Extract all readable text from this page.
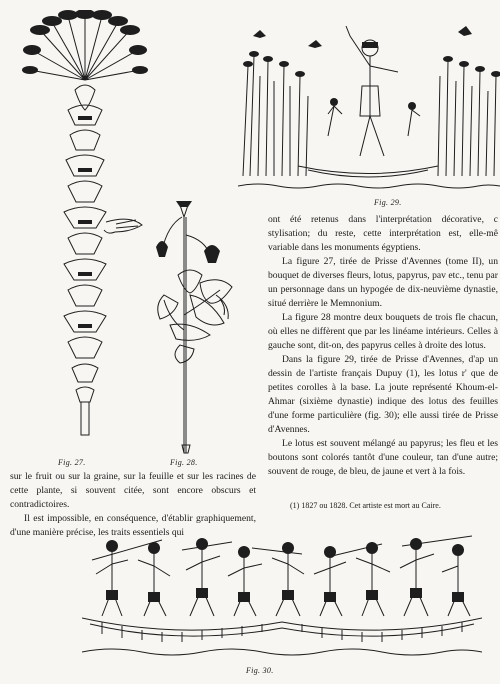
Fig. 27.	Fig. 28.
Fig. 29.

ont été retenus dans l'interprétation décorative, c stylisation; du reste, cette interprétation est, elle-mê variable dans les monuments égyptiens.

La figure 27, tirée de Prisse d'Avennes (tome II), un bouquet de diverses fleurs, lotus, papyrus, pav etc., tenu par un personnage dans un hypogée de dix-neuvième dynastie, situé derrière le Memnonium.

La figure 28 montre deux bouquets de trois fle chacun, où elles ne diffèrent que par les linéame intérieurs. Celles à gauche sont, dit-on, des papyrus celles à droite des lotus.

Dans la figure 29, tirée de Prisse d'Avennes, d'ap un dessin de l'artiste français Dupuy (1), les lotus r' que de petites corolles à la base. La joute représenté Khoum-el-Ahmar (sixième dynastie) indique des lotus des feuilles d'une forme particulière (fig. 30); elle aussi tirée de Prisse d'Avennes.

Le lotus est souvent mélangé au papyrus; les fleu et les boutons sont colorés tantôt d'une couleur, tan d'une autre; souvent de rouge, de bleu, de jaune et vert à la fois.

(1) 1827 ou 1828. Cet artiste est mort au Caire.

sur le fruit ou sur la graine, sur la feuille et sur les racines de cette plante, si souvent citée, sont encore obscurs et contradictoires.

Il est impossible, en conséquence, d'établir graphiquement, d'une manière précise, les traits essentiels qui

Fig. 30.
